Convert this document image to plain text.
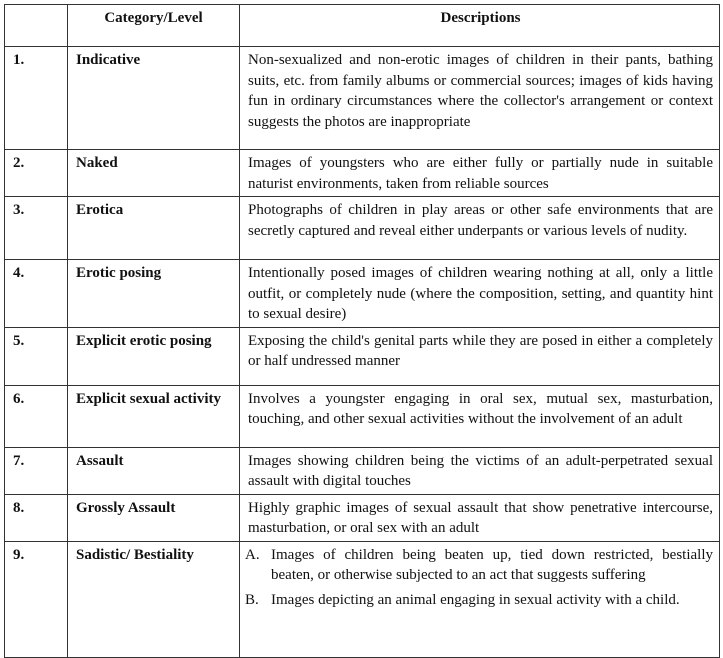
	Category/Level	Descriptions
1.	Indicative	Non-sexualized and non-erotic images of children in their pants, bathing suits, etc. from family albums or commercial sources; images of kids having fun in ordinary circumstances where the collector's arrangement or context suggests the photos are inappropriate
2.	Naked	Images of youngsters who are either fully or partially nude in suitable naturist environments, taken from reliable sources
3.	Erotica	Photographs of children in play areas or other safe environments that are secretly captured and reveal either underpants or various levels of nudity.
4.	Erotic posing	Intentionally posed images of children wearing nothing at all, only a little outfit, or completely nude (where the composition, setting, and quantity hint to sexual desire)
5.	Explicit erotic posing	Exposing the child's genital parts while they are posed in either a completely or half undressed manner
6.	Explicit sexual activity	Involves a youngster engaging in oral sex, mutual sex, masturbation, touching, and other sexual activities without the involvement of an adult
7.	Assault	Images showing children being the victims of an adult-perpetrated sexual assault with digital touches
8.	Grossly Assault	Highly graphic images of sexual assault that show penetrative intercourse, masturbation, or oral sex with an adult
9.	Sadistic/ Bestiality	A. Images of children being beaten up, tied down restricted, bestially beaten, or otherwise subjected to an act that suggests suffering
B. Images depicting an animal engaging in sexual activity with a child.
